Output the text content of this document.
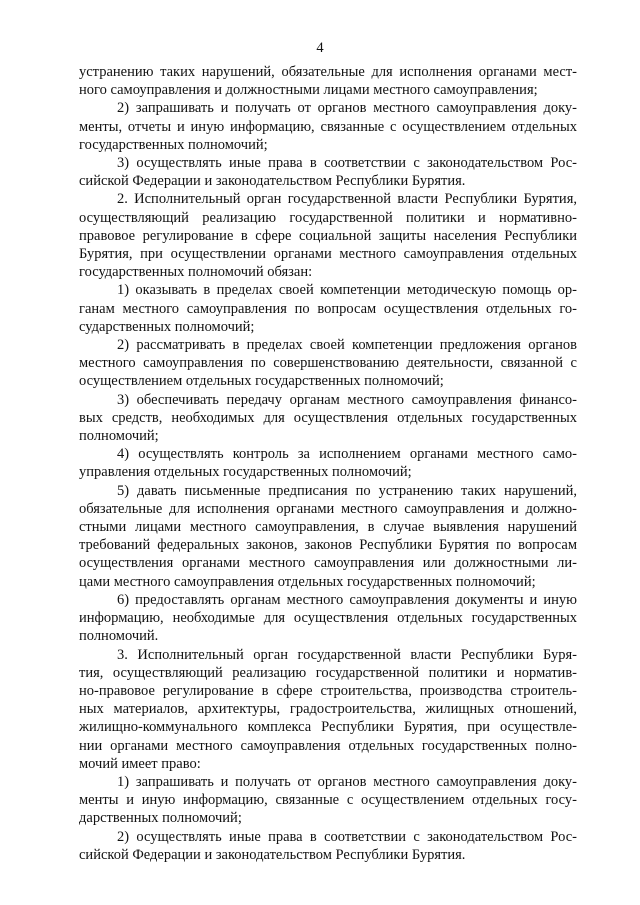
4
устранению таких нарушений, обязательные для исполнения органами мест-
ного самоуправления и должностными лицами местного самоуправления;
2) запрашивать и получать от органов местного самоуправления доку-
менты, отчеты и иную информацию, связанные с осуществлением отдельных
государственных полномочий;
3) осуществлять иные права в соответствии с законодательством Рос-
сийской Федерации и законодательством Республики Бурятия.
2. Исполнительный орган государственной власти Республики Бурятия,
осуществляющий реализацию государственной политики и нормативно-
правовое регулирование в сфере социальной защиты населения Республики
Бурятия, при осуществлении органами местного самоуправления отдельных
государственных полномочий обязан:
1) оказывать в пределах своей компетенции методическую помощь ор-
ганам местного самоуправления по вопросам осуществления отдельных го-
сударственных полномочий;
2) рассматривать в пределах своей компетенции предложения органов
местного самоуправления по совершенствованию деятельности, связанной с
осуществлением отдельных государственных полномочий;
3) обеспечивать передачу органам местного самоуправления финансо-
вых средств, необходимых для осуществления отдельных государственных
полномочий;
4) осуществлять контроль за исполнением органами местного само-
управления отдельных государственных полномочий;
5) давать письменные предписания по устранению таких нарушений,
обязательные для исполнения органами местного самоуправления и должно-
стными лицами местного самоуправления, в случае выявления нарушений
требований федеральных законов, законов Республики Бурятия по вопросам
осуществления органами местного самоуправления или должностными ли-
цами местного самоуправления отдельных государственных полномочий;
6) предоставлять органам местного самоуправления документы и иную
информацию, необходимые для осуществления отдельных государственных
полномочий.
3. Исполнительный орган государственной власти Республики Буря-
тия, осуществляющий реализацию государственной политики и норматив-
но-правовое регулирование в сфере строительства, производства строитель-
ных материалов, архитектуры, градостроительства, жилищных отношений,
жилищно-коммунального комплекса Республики Бурятия, при осуществле-
нии органами местного самоуправления отдельных государственных полно-
мочий имеет право:
1) запрашивать и получать от органов местного самоуправления доку-
менты и иную информацию, связанные с осуществлением отдельных госу-
дарственных полномочий;
2) осуществлять иные права в соответствии с законодательством Рос-
сийской Федерации и законодательством Республики Бурятия.
